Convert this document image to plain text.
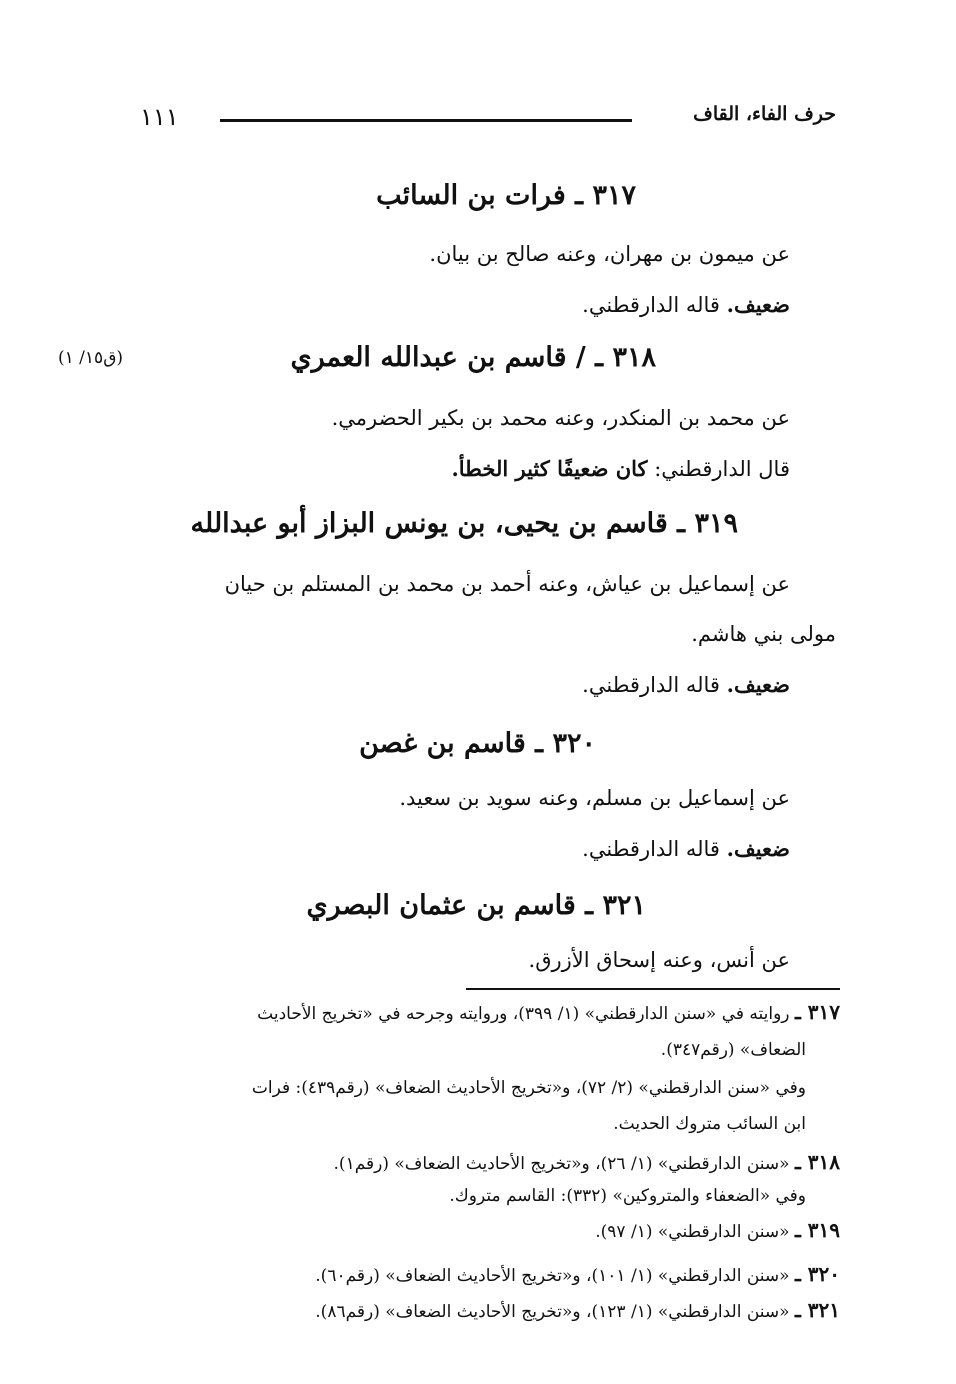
حرف الفاء، القاف
١١١
٣١٧ ـ فرات بن السائب
عن ميمون بن مهران، وعنه صالح بن بيان.
ضعيف. قاله الدارقطني.
(ق١٥/ ١)	٣١٨ ـ / قاسم بن عبدالله العمري
عن محمد بن المنكدر، وعنه محمد بن بكير الحضرمي.
قال الدارقطني: كان ضعيفًا كثير الخطأ.
٣١٩ ـ قاسم بن يحيى، بن يونس البزاز أبو عبدالله
عن إسماعيل بن عياش، وعنه أحمد بن محمد بن المستلم بن حيان
مولى بني هاشم.
ضعيف. قاله الدارقطني.
٣٢٠ ـ قاسم بن غصن
عن إسماعيل بن مسلم، وعنه سويد بن سعيد.
ضعيف. قاله الدارقطني.
٣٢١ ـ قاسم بن عثمان البصري
عن أنس، وعنه إسحاق الأزرق.
٣١٧ ـ روايته في «سنن الدارقطني» (١/ ٣٩٩)، وروايته وجرحه في «تخريج الأحاديث
الضعاف» (رقم٣٤٧).
وفي «سنن الدارقطني» (٢/ ٧٢)، و«تخريج الأحاديث الضعاف» (رقم٤٣٩): فرات
ابن السائب متروك الحديث.
٣١٨ ـ «سنن الدارقطني» (١/ ٢٦)، و«تخريج الأحاديث الضعاف» (رقم١).
وفي «الضعفاء والمتروكين» (٣٣٢): القاسم متروك.
٣١٩ ـ «سنن الدارقطني» (١/ ٩٧).
٣٢٠ ـ «سنن الدارقطني» (١/ ١٠١)، و«تخريج الأحاديث الضعاف» (رقم٦٠).
٣٢١ ـ «سنن الدارقطني» (١/ ١٢٣)، و«تخريج الأحاديث الضعاف» (رقم٨٦).
